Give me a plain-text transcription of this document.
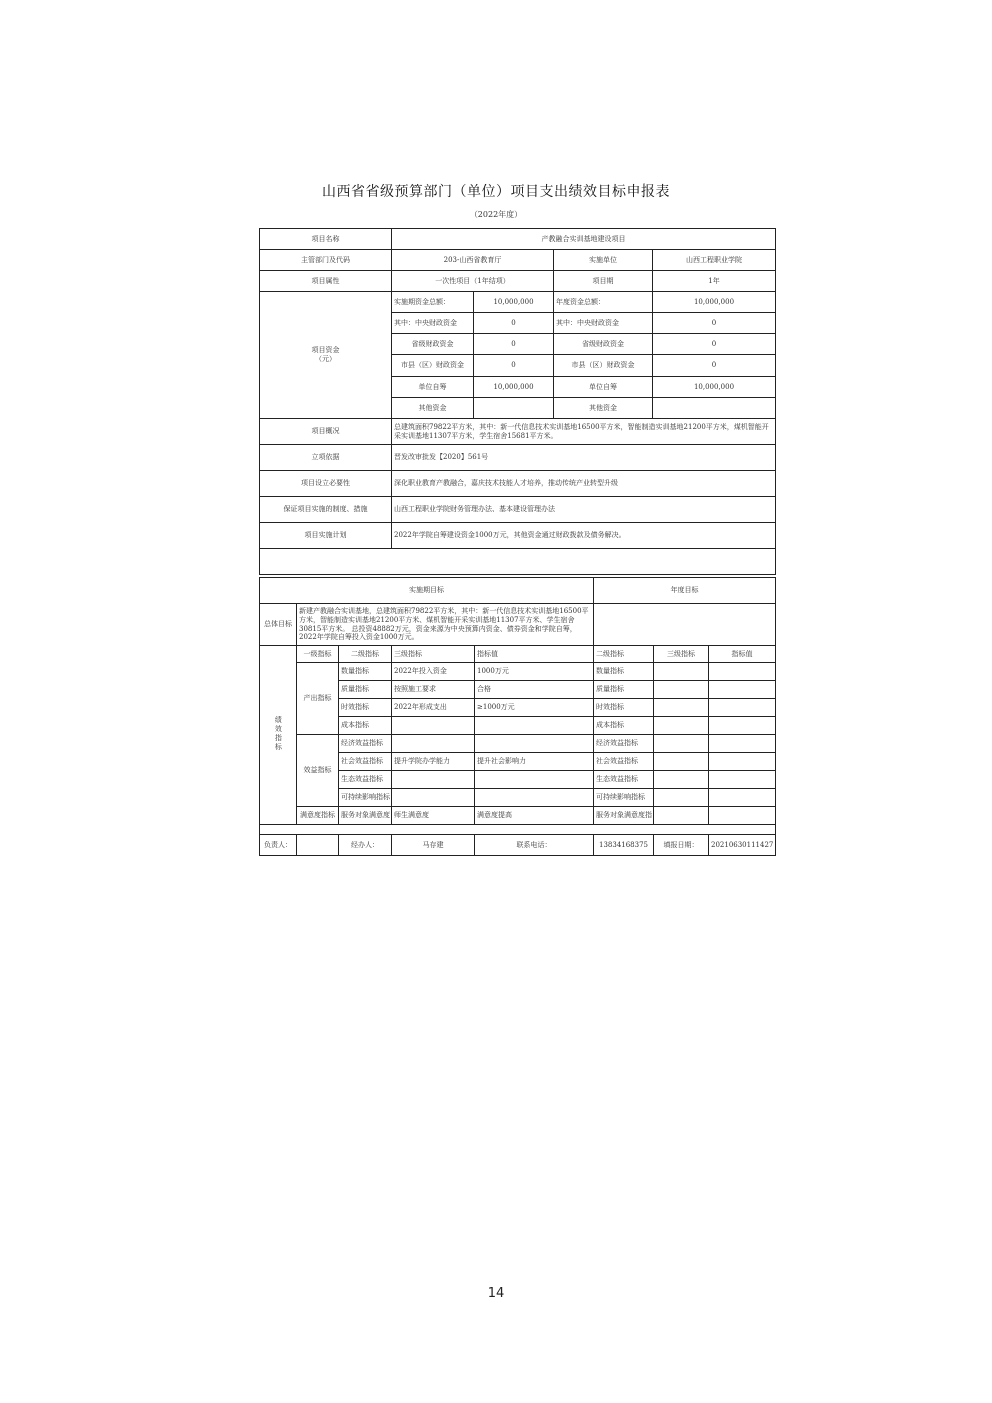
山西省省级预算部门（单位）项目支出绩效目标申报表
（2022年度）
项目名称	产教融合实训基地建设项目			
主管部门及代码	203-山西省教育厅		实施单位	山西工程职业学院
项目属性	一次性项目（1年结项）		项目期	1年
项目资金
（元）	实施期资金总额：	10,000,000	年度资金总额：	10,000,000
	其中：中央财政资金	0	其中：中央财政资金	0
	省级财政资金	0	省级财政资金	0
	市县（区）财政资金	0	市县（区）财政资金	0
	单位自筹	10,000,000	单位自筹	10,000,000
	其他资金		其他资金	
项目概况	总建筑面积79822平方米，其中：新一代信息技术实训基地16500平方米，智能制造实训基地21200平方米，煤机智能开采实训基地11307平方米，学生宿舍15681平方米。			
立项依据	晋发改审批发【2020】561号			
项目设立必要性	深化职业教育产教融合，嘉庆技术技能人才培养，推动传统产业转型升级			
保证项目实施的制度、措施	山西工程职业学院财务管理办法、基本建设管理办法			
项目实施计划	2022年学院自筹建设资金1000万元，其他资金通过财政拨款及债务解决。			

实施期目标					年度目标		
总体目标	新建产教融合实训基地，总建筑面积79822平方米，其中：新一代信息技术实训基地16500平方米，智能制造实训基地21200平方米、煤机智能开采实训基地11307平方米、学生宿舍30815平方米。 总投资48882万元，资金来源为中央预算内资金、债券资金和学院自筹，2022年学院自筹投入资金1000万元。						
绩效指标	一级指标	二级指标	三级指标	指标值	二级指标	三级指标	指标值
	产出指标	数量指标	2022年投入资金	1000万元	数量指标		
		质量指标	按照施工要求	合格	质量指标		
		时效指标	2022年形成支出	≥1000万元	时效指标		
		成本指标			成本指标		
	效益指标	经济效益指标			经济效益指标		
		社会效益指标	提升学院办学能力	提升社会影响力	社会效益指标		
		生态效益指标			生态效益指标		
		可持续影响指标			可持续影响指标		
	满意度指标	服务对象满意度	师生满意度	满意度提高	服务对象满意度指		

负责人：		经办人：	马存建	联系电话：	13834168375	填报日期：	20210630111427
14
